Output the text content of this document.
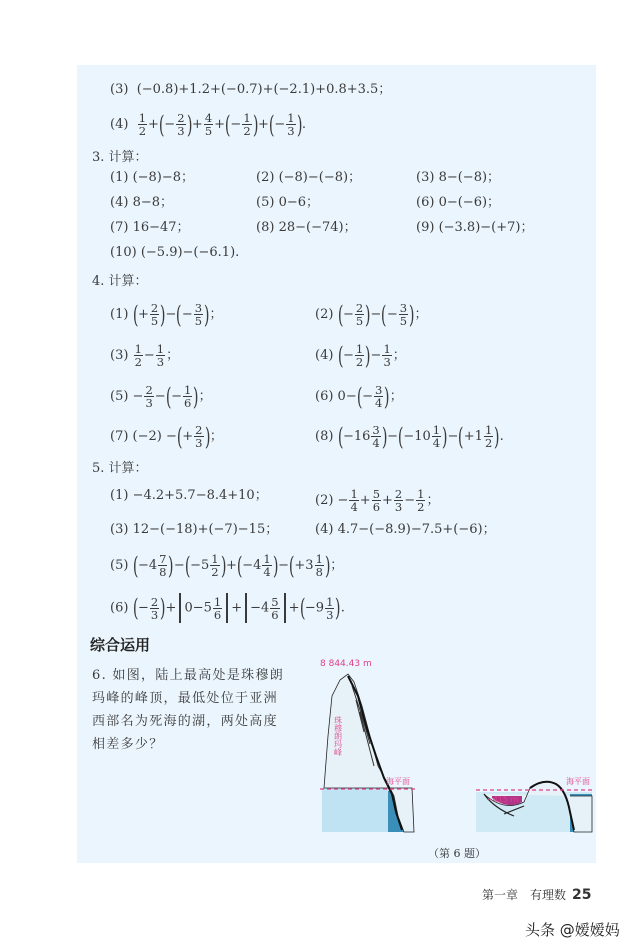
(3) (−0.8)+1.2+(−0.7)+(−2.1)+0.8+3.5；
$(4) \frac{1}{2}$ +(− $\frac{2}{3}$ )+ $\frac{4}{5}$ +(− $\frac{1}{2}$ )+(− $\frac{1}{3}$ ).
3. 计算：
(1) (−8)−8；	(2) (−8)−(−8)；	(3) 8−(−8)；
(4) 8−8；	(5) 0−6；	(6) 0−(−6)；
(7) 16−47；	(8) 28−(−74)；	(9) (−3.8)−(+7)；
(10) (−5.9)−(−6.1).
4. 计算：
(1) (+ $\frac{2}{5}$ )−(− $\frac{3}{5}$ )；	(2) (− $\frac{2}{5}$ )−(− $\frac{3}{5}$ )；
$(3) \frac{1}{2} - \frac{1}{3}$ ；	(4) (− $\frac{1}{2}$ )− $\frac{1}{3}$ ；
$(5) - \frac{2}{3}$ −(− $\frac{1}{6}$ )；	(6) $0-(- \frac{3}{4}$ )；
(7) (−2) −(+ $\frac{2}{3}$ )；	(8) $(-16 \frac{3}{4} )-(-10 \frac{1}{4} )-(+1 \frac{1}{2}$ ).
5. 计算：
(1) −4.2+5.7−8.4+10；	$(2) - \frac{1}{4} + \frac{5}{6} + \frac{2}{3} - \frac{1}{2}$ ；
(3) 12−(−18)+(−7)−15；	(4) 4.7−(−8.9)−7.5+(−6)；
(5) $(-4 \frac{7}{8} )-(-5 \frac{1}{2} )+(-4 \frac{1}{4} )-(+3 \frac{1}{8}$ )；
(6) (− $\frac{2}{3}$ )+ $0-5 \frac{1}{6} + -4 \frac{5}{6} +(-9 \frac{1}{3}$ ).
综合运用
6. 如图，陆上最高处是珠穆朗玛峰的峰顶，最低处位于亚洲西部名为死海的湖，两处高度相差多少？
8 844.43 m
海平面
珠穆朗玛峰
−415 m
海平面
（第 6 题）
第一章　有理数 25
头条 @嫒嫒妈
